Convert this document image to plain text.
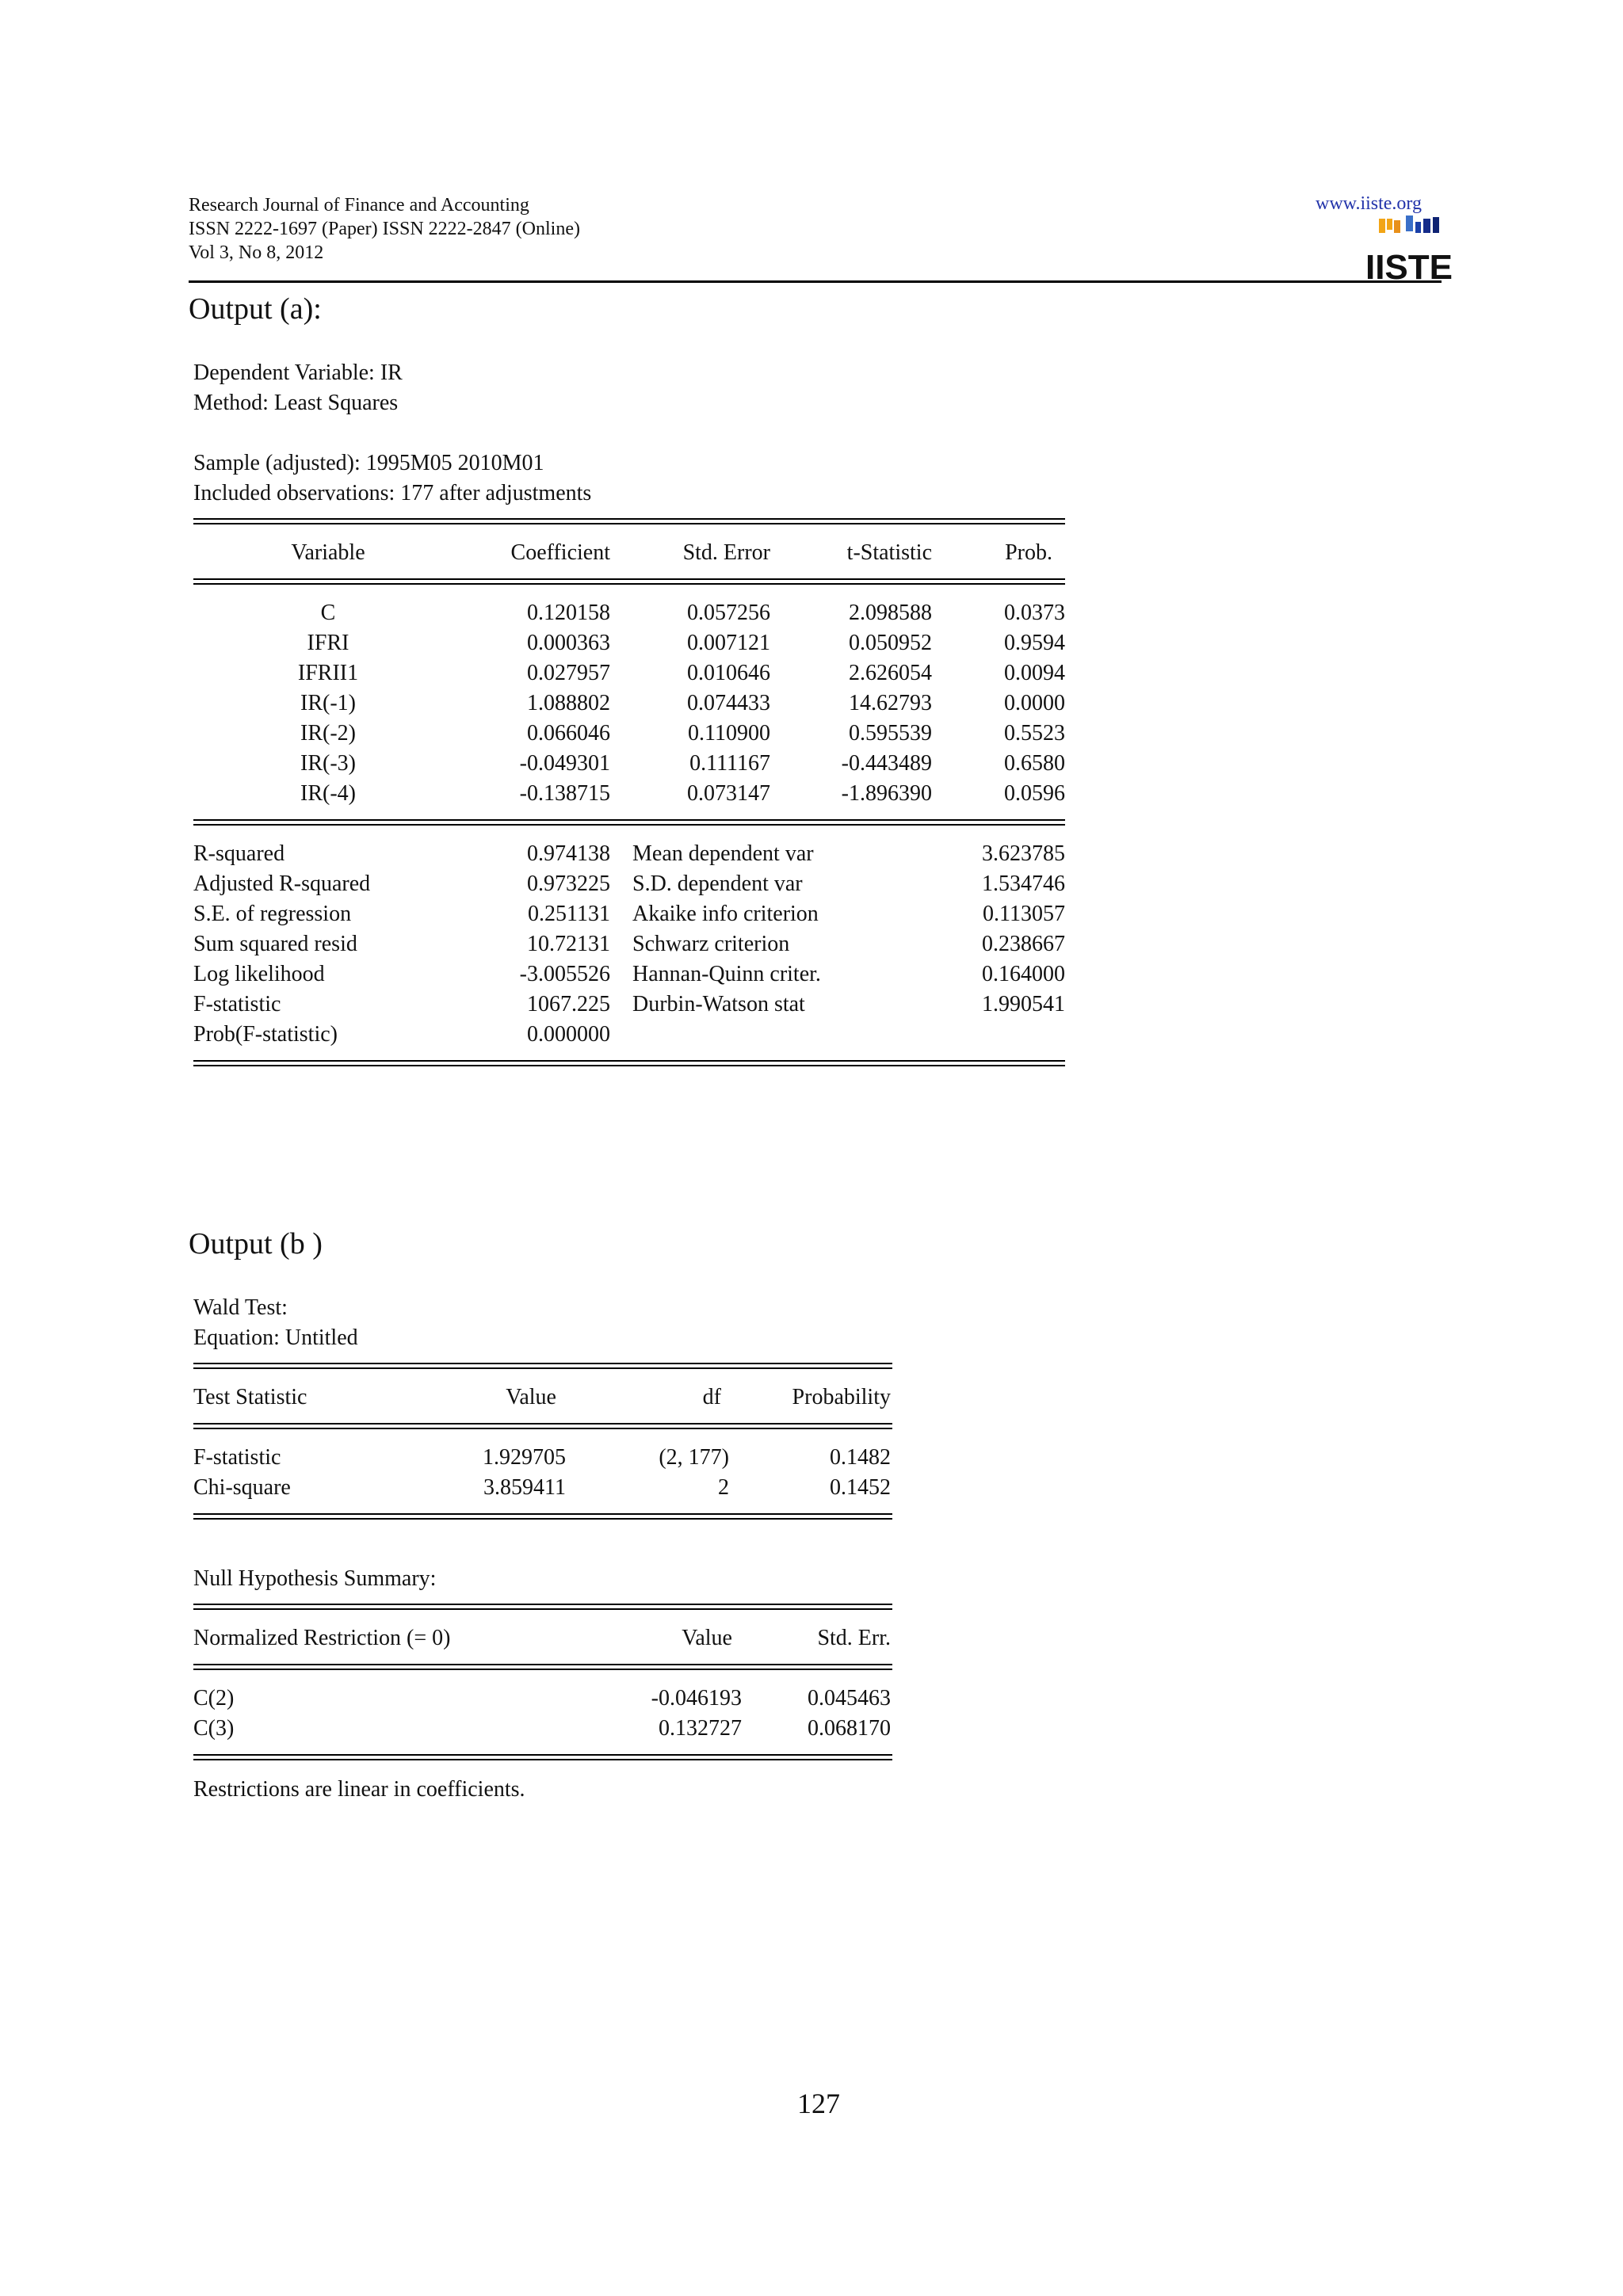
Research Journal of Finance and Accounting
ISSN 2222-1697 (Paper) ISSN 2222-2847 (Online)
Vol 3, No 8, 2012
www.iiste.org
IISTE
Output (a):
Dependent Variable: IR
Method: Least Squares
Sample (adjusted): 1995M05 2010M01
Included observations: 177 after adjustments
Variable	Coefficient	Std. Error	t-Statistic	Prob.
C	0.120158	0.057256	2.098588	0.0373
IFRI	0.000363	0.007121	0.050952	0.9594
IFRII1	0.027957	0.010646	2.626054	0.0094
IR(-1)	1.088802	0.074433	14.62793	0.0000
IR(-2)	0.066046	0.110900	0.595539	0.5523
IR(-3)	-0.049301	0.111167	-0.443489	0.6580
IR(-4)	-0.138715	0.073147	-1.896390	0.0596
R-squared	0.974138 Mean dependent var	3.623785
Adjusted R-squared	0.973225 S.D. dependent var	1.534746
S.E. of regression	0.251131 Akaike info criterion	0.113057
Sum squared resid	10.72131 Schwarz criterion	0.238667
Log likelihood	-3.005526 Hannan-Quinn criter.	0.164000
F-statistic	1067.225 Durbin-Watson stat	1.990541
Prob(F-statistic)	0.000000
Output (b )
Wald Test:
Equation: Untitled
Test Statistic	Value	df	Probability
F-statistic	1.929705	(2, 177)	0.1482
Chi-square	3.859411	2	0.1452
Null Hypothesis Summary:
Normalized Restriction (= 0)	Value	Std. Err.
C(2)	-0.046193	0.045463
C(3)	0.132727	0.068170
Restrictions are linear in coefficients.
127
